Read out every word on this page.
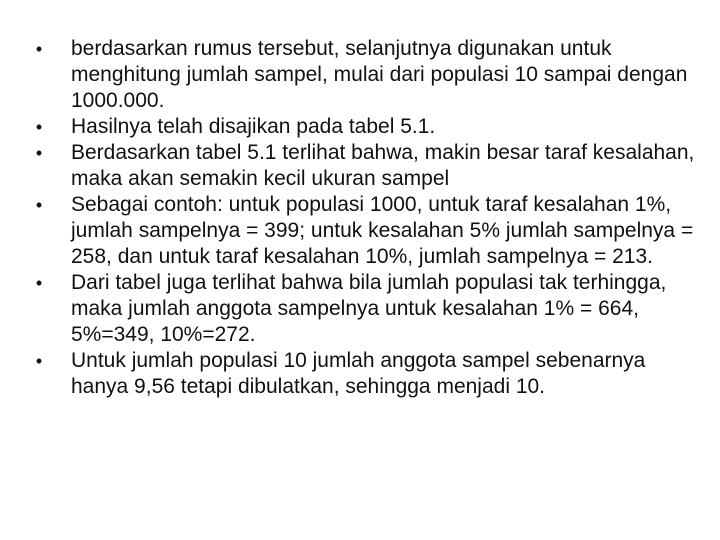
• berdasarkan rumus tersebut, selanjutnya digunakan untuk menghitung jumlah sampel, mulai dari populasi 10 sampai dengan 1000.000.
• Hasilnya telah disajikan pada tabel 5.1.
• Berdasarkan tabel 5.1 terlihat bahwa, makin besar taraf kesalahan, maka akan semakin kecil ukuran sampel
• Sebagai contoh: untuk populasi 1000, untuk taraf kesalahan 1%, jumlah sampelnya = 399; untuk kesalahan 5% jumlah sampelnya = 258, dan untuk taraf kesalahan 10%, jumlah sampelnya = 213.
• Dari tabel juga terlihat bahwa bila jumlah populasi tak terhingga, maka jumlah anggota sampelnya untuk kesalahan 1% = 664, 5%=349, 10%=272.
• Untuk jumlah populasi 10 jumlah anggota sampel sebenarnya hanya 9,56 tetapi dibulatkan, sehingga menjadi 10.
